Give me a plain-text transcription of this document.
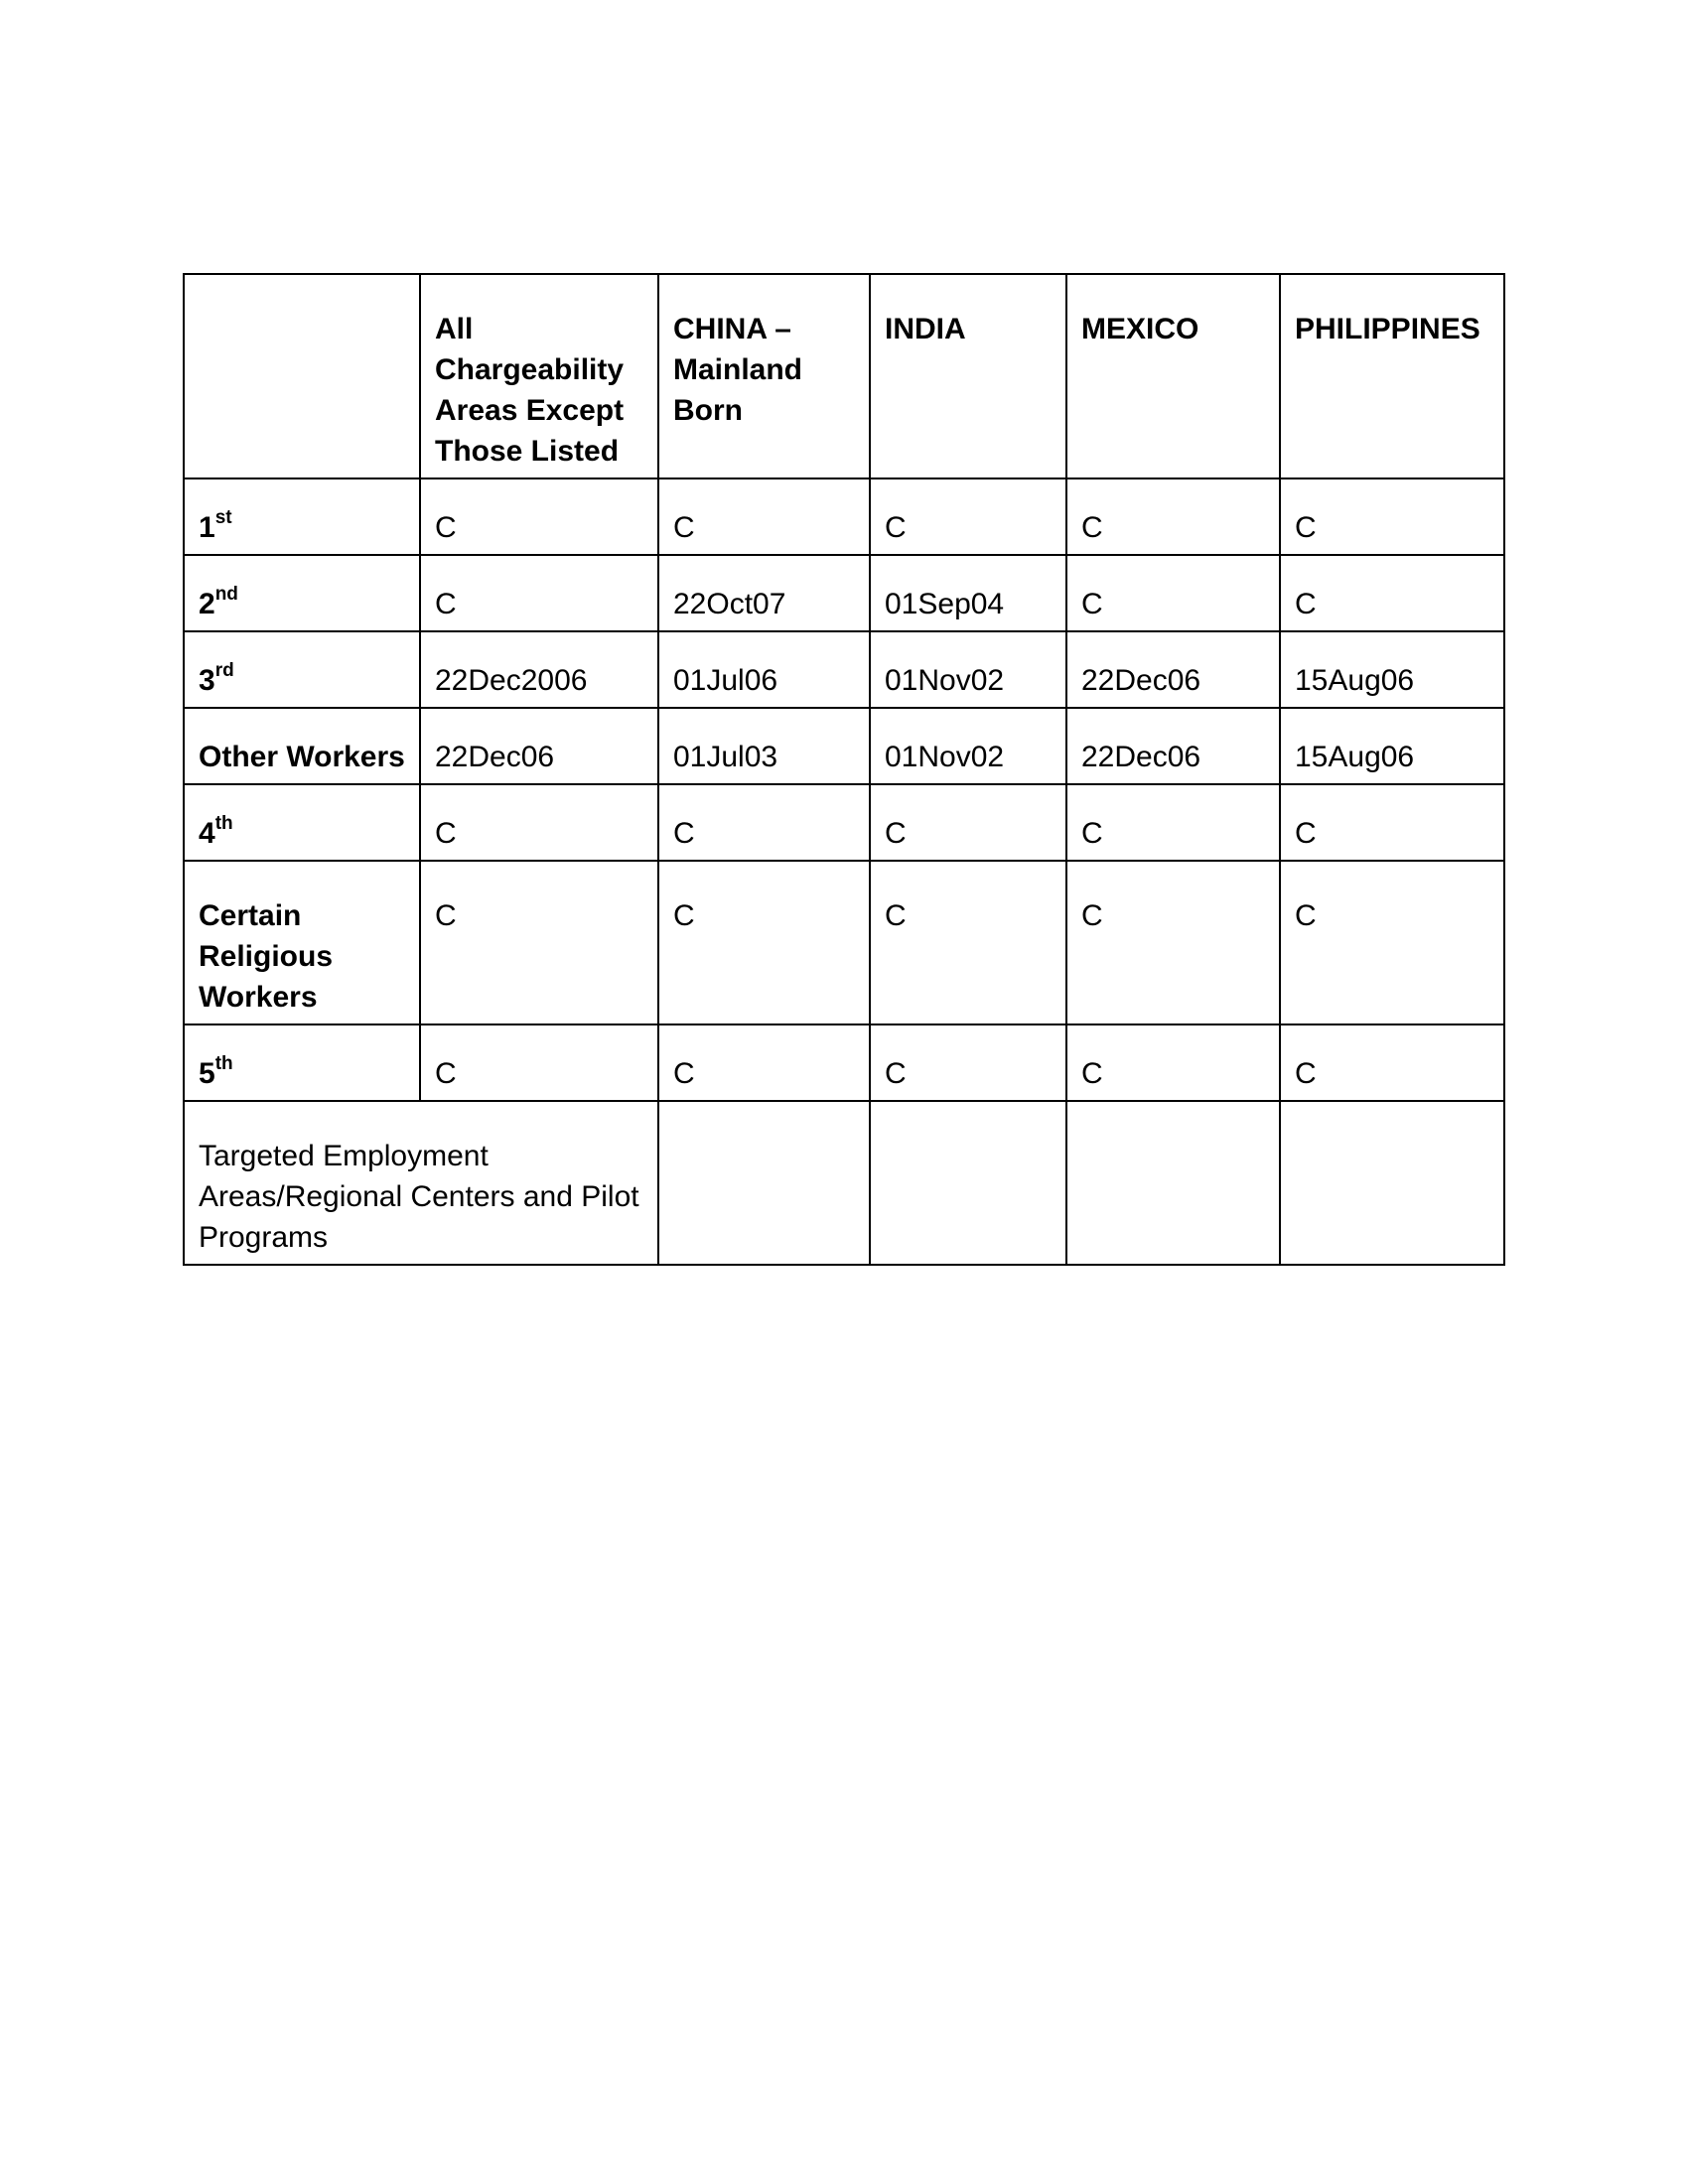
	All Chargeability Areas Except Those Listed	CHINA – Mainland Born	INDIA	MEXICO	PHILIPPINES
1st	C	C	C	C	C
2nd	C	22Oct07	01Sep04	C	C
3rd	22Dec2006	01Jul06	01Nov02	22Dec06	15Aug06
Other Workers	22Dec06	01Jul03	01Nov02	22Dec06	15Aug06
4th	C	C	C	C	C
Certain Religious Workers	C	C	C	C	C
5th	C	C	C	C	C
Targeted Employment Areas/Regional Centers and Pilot Programs					
